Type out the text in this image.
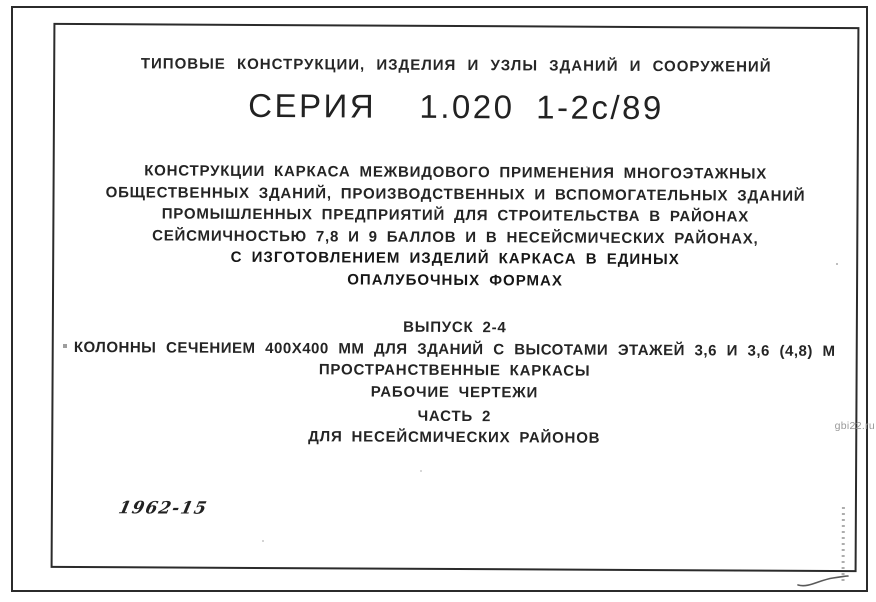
ТИПОВЫЕ КОНСТРУКЦИИ, ИЗДЕЛИЯ И УЗЛЫ ЗДАНИЙ И СООРУЖЕНИЙ
СЕРИЯ  1.020 1-2с/89
КОНСТРУКЦИИ КАРКАСА МЕЖВИДОВОГО ПРИМЕНЕНИЯ МНОГОЭТАЖНЫХ
ОБЩЕСТВЕННЫХ ЗДАНИЙ, ПРОИЗВОДСТВЕННЫХ И ВСПОМОГАТЕЛЬНЫХ ЗДАНИЙ
ПРОМЫШЛЕННЫХ ПРЕДПРИЯТИЙ ДЛЯ СТРОИТЕЛЬСТВА В РАЙОНАХ
СЕЙСМИЧНОСТЬЮ 7,8 И 9 БАЛЛОВ И В НЕСЕЙСМИЧЕСКИХ РАЙОНАХ,
С ИЗГОТОВЛЕНИЕМ ИЗДЕЛИЙ КАРКАСА В ЕДИНЫХ
ОПАЛУБОЧНЫХ ФОРМАХ
ВЫПУСК 2-4
КОЛОННЫ СЕЧЕНИЕМ 400Х400 ММ ДЛЯ ЗДАНИЙ С ВЫСОТАМИ ЭТАЖЕЙ 3,6 И 3,6 (4,8) М
ПРОСТРАНСТВЕННЫЕ КАРКАСЫ
РАБОЧИЕ ЧЕРТЕЖИ
ЧАСТЬ 2
ДЛЯ НЕСЕЙСМИЧЕСКИХ РАЙОНОВ
1962-15
gbi22.ru
